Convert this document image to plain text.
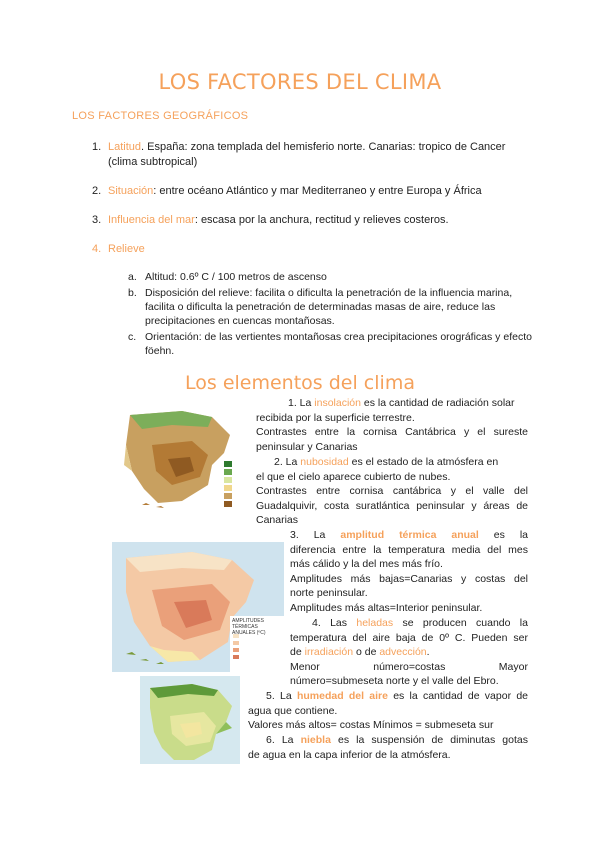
LOS FACTORES DEL CLIMA
LOS FACTORES GEOGRÁFICOS
1. Latitud. España: zona templada del hemisferio norte. Canarias: tropico de Cancer (clima subtropical)
2. Situación: entre océano Atlántico y mar Mediterraneo y entre Europa y África
3. Influencia del mar: escasa por la anchura, rectitud y relieves costeros.
4. Relieve
a. Altitud: 0.6º C / 100 metros de ascenso
b. Disposición del relieve: facilita o dificulta la penetración de la influencia marina, facilita o dificulta la penetración de determinadas masas de aire, reduce las precipitaciones en cuencas montañosas.
c. Orientación: de las vertientes montañosas crea precipitaciones orográficas y efecto föehn.
Los elementos del clima
AMPLITUDES TÉRMICAS ANUALES (ºC)
1. La insolación es la cantidad de radiación solar
recibida por la superficie terrestre.
Contrastes entre la cornisa Cantábrica y el sureste
peninsular y Canarias
2. La nubosidad es el estado de la atmósfera en
el que el cielo aparece cubierto de nubes.
Contrastes entre cornisa cantábrica y el valle del
Guadalquivir, costa suratlántica peninsular y áreas de
Canarias
3. La amplitud térmica anual es la
diferencia entre la temperatura media del mes
más cálido y la del mes más frío.
Amplitudes más bajas=Canarias y costas del
norte peninsular.
Amplitudes más altas=Interior peninsular.
4. Las heladas se producen cuando la
temperatura del aire baja de 0º C. Pueden ser
de irradiación o de advección.
Menor	número=costas	Mayor
número=submeseta norte y el valle del Ebro.
5. La humedad del aire es la cantidad de vapor de
agua que contiene.
Valores más altos= costas Mínimos = submeseta sur
6. La niebla es la suspensión de diminutas gotas
de agua en la capa inferior de la atmósfera.
